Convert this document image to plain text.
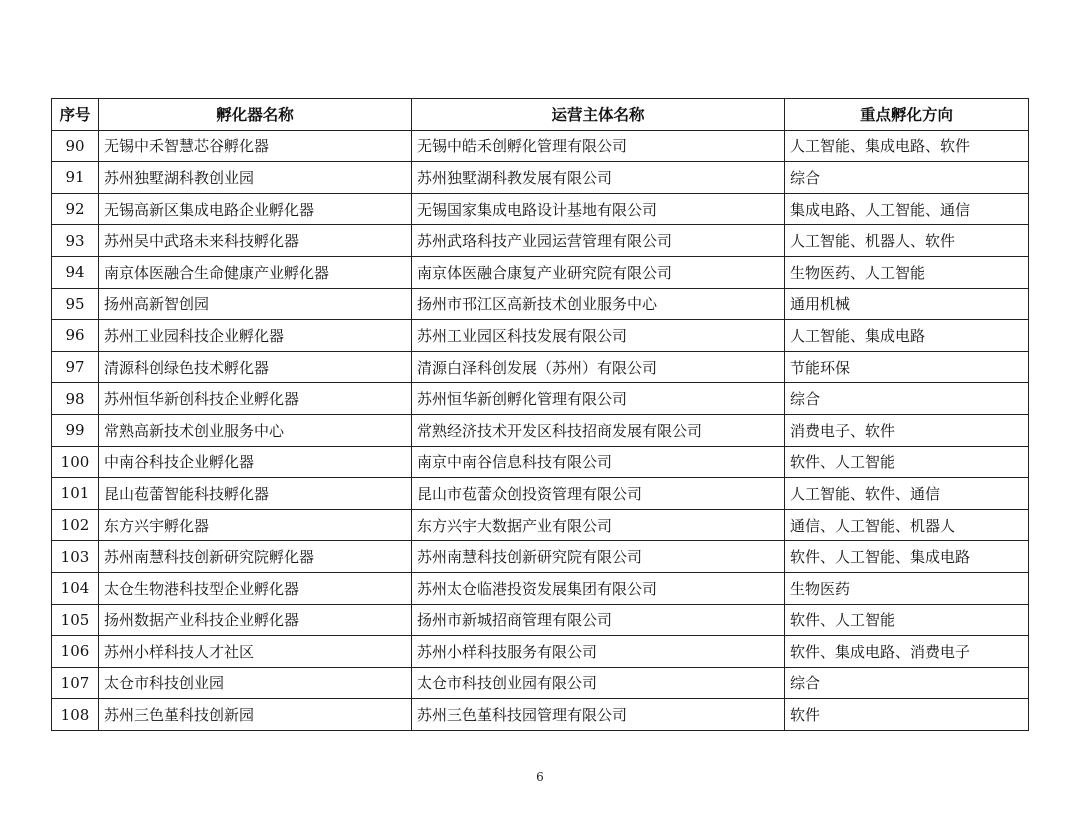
序号	孵化器名称	运营主体名称	重点孵化方向
90	无锡中禾智慧芯谷孵化器	无锡中皓禾创孵化管理有限公司	人工智能、集成电路、软件
91	苏州独墅湖科教创业园	苏州独墅湖科教发展有限公司	综合
92	无锡高新区集成电路企业孵化器	无锡国家集成电路设计基地有限公司	集成电路、人工智能、通信
93	苏州吴中武珞未来科技孵化器	苏州武珞科技产业园运营管理有限公司	人工智能、机器人、软件
94	南京体医融合生命健康产业孵化器	南京体医融合康复产业研究院有限公司	生物医药、人工智能
95	扬州高新智创园	扬州市邗江区高新技术创业服务中心	通用机械
96	苏州工业园科技企业孵化器	苏州工业园区科技发展有限公司	人工智能、集成电路
97	清源科创绿色技术孵化器	清源白泽科创发展（苏州）有限公司	节能环保
98	苏州恒华新创科技企业孵化器	苏州恒华新创孵化管理有限公司	综合
99	常熟高新技术创业服务中心	常熟经济技术开发区科技招商发展有限公司	消费电子、软件
100	中南谷科技企业孵化器	南京中南谷信息科技有限公司	软件、人工智能
101	昆山苞蕾智能科技孵化器	昆山市苞蕾众创投资管理有限公司	人工智能、软件、通信
102	东方兴宇孵化器	东方兴宇大数据产业有限公司	通信、人工智能、机器人
103	苏州南慧科技创新研究院孵化器	苏州南慧科技创新研究院有限公司	软件、人工智能、集成电路
104	太仓生物港科技型企业孵化器	苏州太仓临港投资发展集团有限公司	生物医药
105	扬州数据产业科技企业孵化器	扬州市新城招商管理有限公司	软件、人工智能
106	苏州小样科技人才社区	苏州小样科技服务有限公司	软件、集成电路、消费电子
107	太仓市科技创业园	太仓市科技创业园有限公司	综合
108	苏州三色堇科技创新园	苏州三色堇科技园管理有限公司	软件
6
